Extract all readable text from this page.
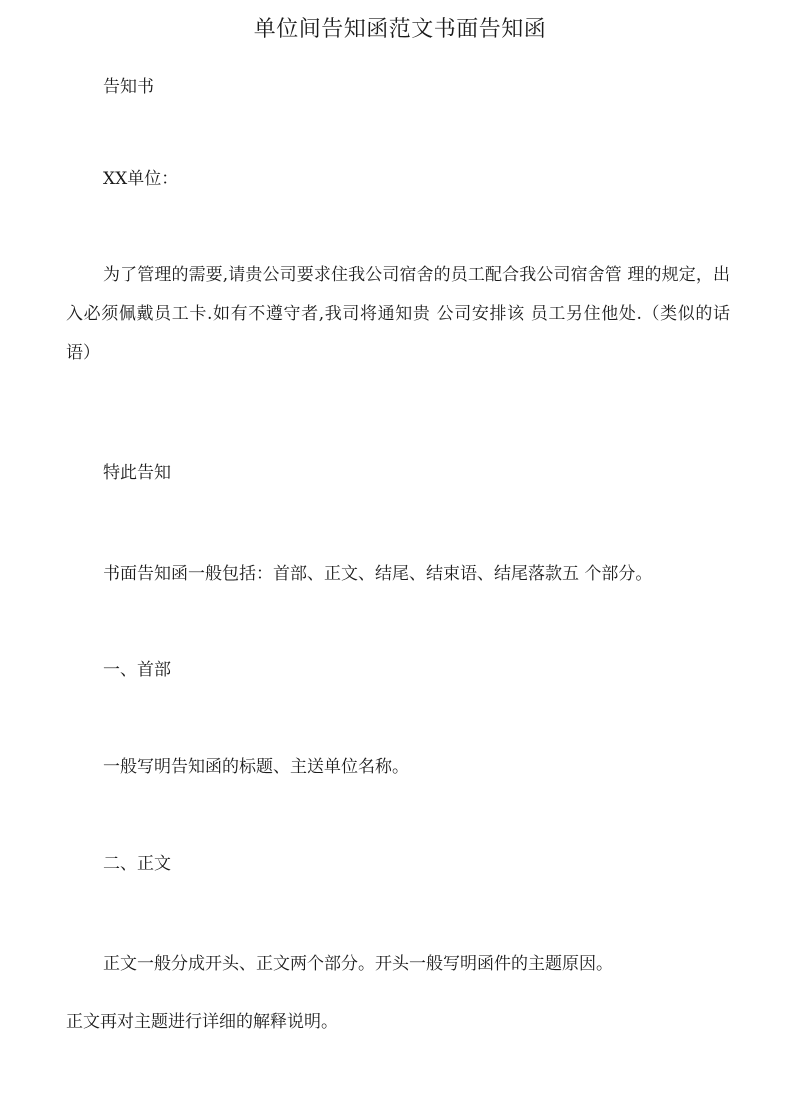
单位间告知函范文书面告知函
告知书
XX单位：
为了管理的需要,请贵公司要求住我公司宿舍的员工配合我公司宿舍管 理的规定，出入必须佩戴员工卡.如有不遵守者,我司将通知贵 公司安排该 员工另住他处.（类似的话语）
特此告知
书面告知函一般包括：首部、正文、结尾、结束语、结尾落款五 个部分。
一、首部
一般写明告知函的标题、主送单位名称。
二、正文
正文一般分成开头、正文两个部分。开头一般写明函件的主题原因。
正文再对主题进行详细的解释说明。
